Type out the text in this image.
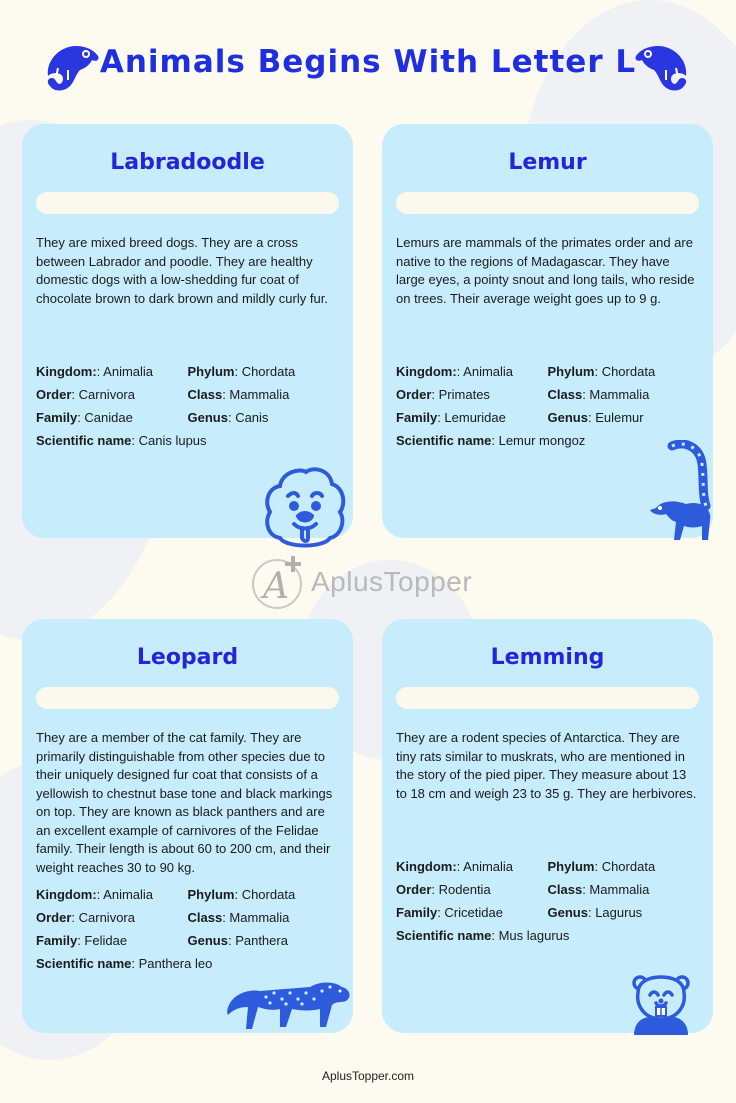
Animals Begins With Letter L
Labradoodle
They are mixed breed dogs. They are a cross between Labrador and poodle. They are healthy domestic dogs with a low-shedding fur coat of chocolate brown to dark brown and mildly curly fur.
Kingdom:: Animalia	Phylum: Chordata
Order: Carnivora	Class: Mammalia
Family: Canidae	Genus: Canis
Scientific name: Canis lupus
Lemur
Lemurs are mammals of the primates order and are native to the regions of Madagascar. They have large eyes, a pointy snout and long tails, who reside on trees. Their average weight goes up to 9 g.
Kingdom:: Animalia	Phylum: Chordata
Order: Primates	Class: Mammalia
Family: Lemuridae	Genus: Eulemur
Scientific name: Lemur mongoz
A AplusTopper
Leopard
They are a member of the cat family. They are primarily distinguishable from other species due to their uniquely designed fur coat that consists of a yellowish to chestnut base tone and black markings on top. They are known as black panthers and are an excellent example of carnivores of the Felidae family. Their length is about 60 to 200 cm, and their weight reaches 30 to 90 kg.
Kingdom:: Animalia	Phylum: Chordata
Order: Carnivora	Class: Mammalia
Family: Felidae	Genus: Panthera
Scientific name: Panthera leo
Lemming
They are a rodent species of Antarctica. They are tiny rats similar to muskrats, who are mentioned in the story of the pied piper. They measure about 13 to 18 cm and weigh 23 to 35 g. They are herbivores.
Kingdom:: Animalia	Phylum: Chordata
Order: Rodentia	Class: Mammalia
Family: Cricetidae	Genus: Lagurus
Scientific name: Mus lagurus
AplusTopper.com
